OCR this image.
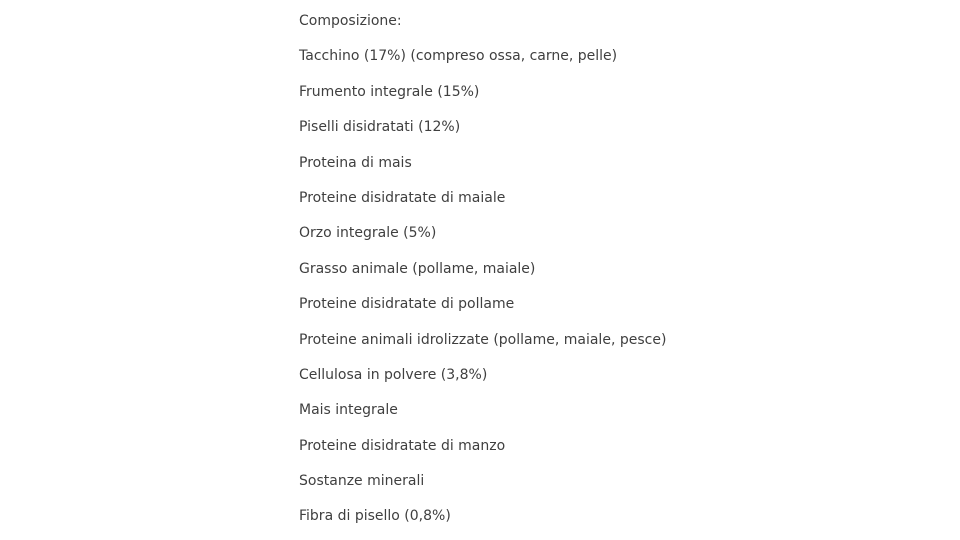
Composizione:
Tacchino (17%) (compreso ossa, carne, pelle)
Frumento integrale (15%)
Piselli disidratati (12%)
Proteina di mais
Proteine disidratate di maiale
Orzo integrale (5%)
Grasso animale (pollame, maiale)
Proteine disidratate di pollame
Proteine animali idrolizzate (pollame, maiale, pesce)
Cellulosa in polvere (3,8%)
Mais integrale
Proteine disidratate di manzo
Sostanze minerali
Fibra di pisello (0,8%)
